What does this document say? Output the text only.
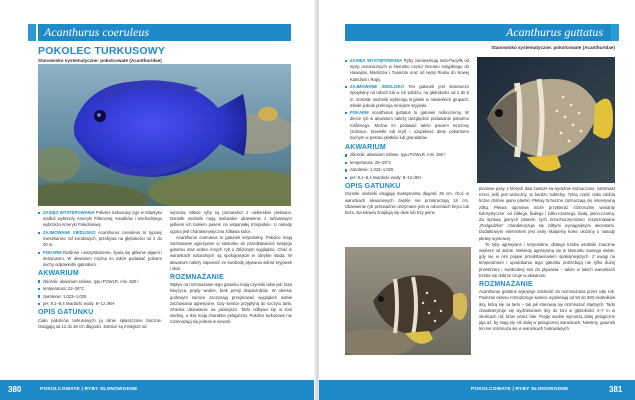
Acanthurus coeruleus
POKOLEC TURKUSOWY
Stanowisko systematyczne: pokolcowate (Acanthuridae)
ZASIĘG WYSTĘPOWANIA Pokolec turkusowy żyje w Atlantyku wzdłuż wybrzeży Ameryki Północnej, Karaibów i wschodniego wybrzeża Ameryki Południowej.
ZAJMOWANE SIEDLISKO Acanthurus coeruleus to typowy mieszkaniec raf koralowych, przebywa na głębokości od 2 do 40 m.
POKARM Roślinne i wszystkożerne, żywią się głównie algami i detrytusem. W akwarium można im także podawać pokarm suchy odpowiedni gatunkom.
AKWARIUM
zbiornik: akwarium rafowe, typu FOWLR, min. 500 l
temperatura: 22–26°C
zasolenie: 1,023–1,025
pH: 8,1–8,4 twardość wody: 8–12 dKH
OPIS GATUNKU

Ciało pokolców turkusowych ją silnie spłaszczone bocznie. Osiągają od 12 do 39 cm długości. Samice są mniejsze od

samców. Młode ryby są pomarańcz z niebieskim pletwami. Dorosłe osobniki mają niebieskie ubarwienie z turkusowym jaśkiem ich bokiem pasem na wspaniałej trzepadule. U nasady ogona jest charakterystyczna żółtawa kolce.

Acanthurus coeruleus to gatunek terytorialny. Pokolce mają zachowanie agresywne w stosunku do przedstawicieli swojego gatunku oraz wobec innych ryb o zbliżonym wyglądzie. Choć w warunkach naturalnych są spokojniejsze w obrębie stada. W akwarium należy zapewnić im swobodę pływania wśród kryjówek i skał.

ROZMNAŻANIE

Wpływ na rozmnażanie tego gatunku mają czynniki takie jak: faza księżyca, prądy wodne, brak presji drapieżników. W okresie godowym samice zaczynają przejmować wyglądem siebie zachowania agresywne. Gdy samice przypłyną do szczytu tarła, zmienia ubarwienie na jaśniejsze. Tarło odbywa się w toni wodnej, a ikrę mają charakter pelagiczny. Pokolce turkusowe nie rozmnażają się jednak w niewoli.

380	POKOLCOWATE | RYBY SŁONOWODNE
Acanthurus guttatus
Stanowisko systematyczne: pokolcowate (Acanthuridae)
ZASIĘG WYSTĘPOWANIA Ryby zamieszkują Indo-Pacyfik od wysp oceanicznych w kierunku części Oceanu Indyjskiego do Hawajów, Markizów i Tuamotu oraz od wysp Riukiu do Nowej Kaledonii i Rapy.
ZAJMOWANE SIEDLISKO Ten gatunek jest stanowczo spotykany na rafach lub w ich pobliżu, na głębokości od 1 do 8 m. Dorosłe osobniki wybierają kryjówki w niewielkich grupach, młode jednak preferują mniejsze kryjówki.
POKARM Acanthurus guttatus to gatunek roślinożerny. W diecie ryb w akwarium należy uwzględnić podawanie pokarmu roślinnego. Można im podawać także pokarm mrożony (solowce, krewetki lub kryl) i uzupełniać dietę pokarmem suchym w postaci płatków lub granulatów.
AKWARIUM
zbiornik: akwarium rafowe, typu FOWLR, min. 500 l
temperatura: 25–29°C
zasolenie: 1,023–1,025
pH: 8,1–8,4 twardość wody: 8–12 dKH
OPIS GATUNKU

Dorosłe osobniki osiągają maksymalną długość 26 cm, choć w warunkach akwariowych zwykle nie przekraczają 18 cm. Ubarwienie ryb przeważnie utrzymane jest w odcieniach bejcu lub beżu. Na tułowiu znajdują się dwie lub trzy jasne

pionowe pasy, z których dwa zawsze są wyraźnie zaznaczone, natomiast trzeci, jeśli jest widoczny, to bardzo subtelny. Tylną część ciała zdobią liczne drobne jasne plamki. Płetwy brzuszne zaznaczają się intensywną żółtą. Płetwa ogonowa może przybierać różnorodne warianty kolorystyczne: od żółtego, białego i żółto-czarnego, białą, jasno-czarną. Za sprawą jasnych plamek, tych brzuchoczęcniowo rozpoznawane „Podgadzkie” charakteryzuje się żółtymi wyciągniętymi akcentami. Dodatkowym elementem jest ostry skalpelny kolec ułożony u nasady płetwy ogonowej.

To ryby agresywne i terytorialne, dlatego trzeba osobniki znacznie większe od siebie. Niekiedy agresywną się w stosunku samego siebie, gdy się w nim pojawi przedstawicielem spokojniejszych. Z uwagi na temperament i upodobania tego gatunku potrzebują nie tylko dużej przestrzeni i swobodnej toni do pływania – także w takich warunkach trzeba się dobrze czuje w akwarium.

ROZMNAŻANIE

Acanthurus guttatus wykazuje zdolność do rozmnażania przez cały rok. Podczas okresu rozrodczego samice wydzielają od 50 do 500 osobników ikry, którą się na tarło – tak jak stanowią się rozmnażać stadnych. Tarło charakteryzuje się wydzielaniem ikry do toni w głębokości 4–7 m w okolicach raf, które przez fale. Prądy wodne wynoszą dalej pelagiczne jaja aż, by stają się niż dalej w pelagicznej warunkach. Niestety, gatunek ten nie rozmnaża się w warunkach hodowlanych.

POKOLCOWATE | RYBY SŁONOWODNE	381
